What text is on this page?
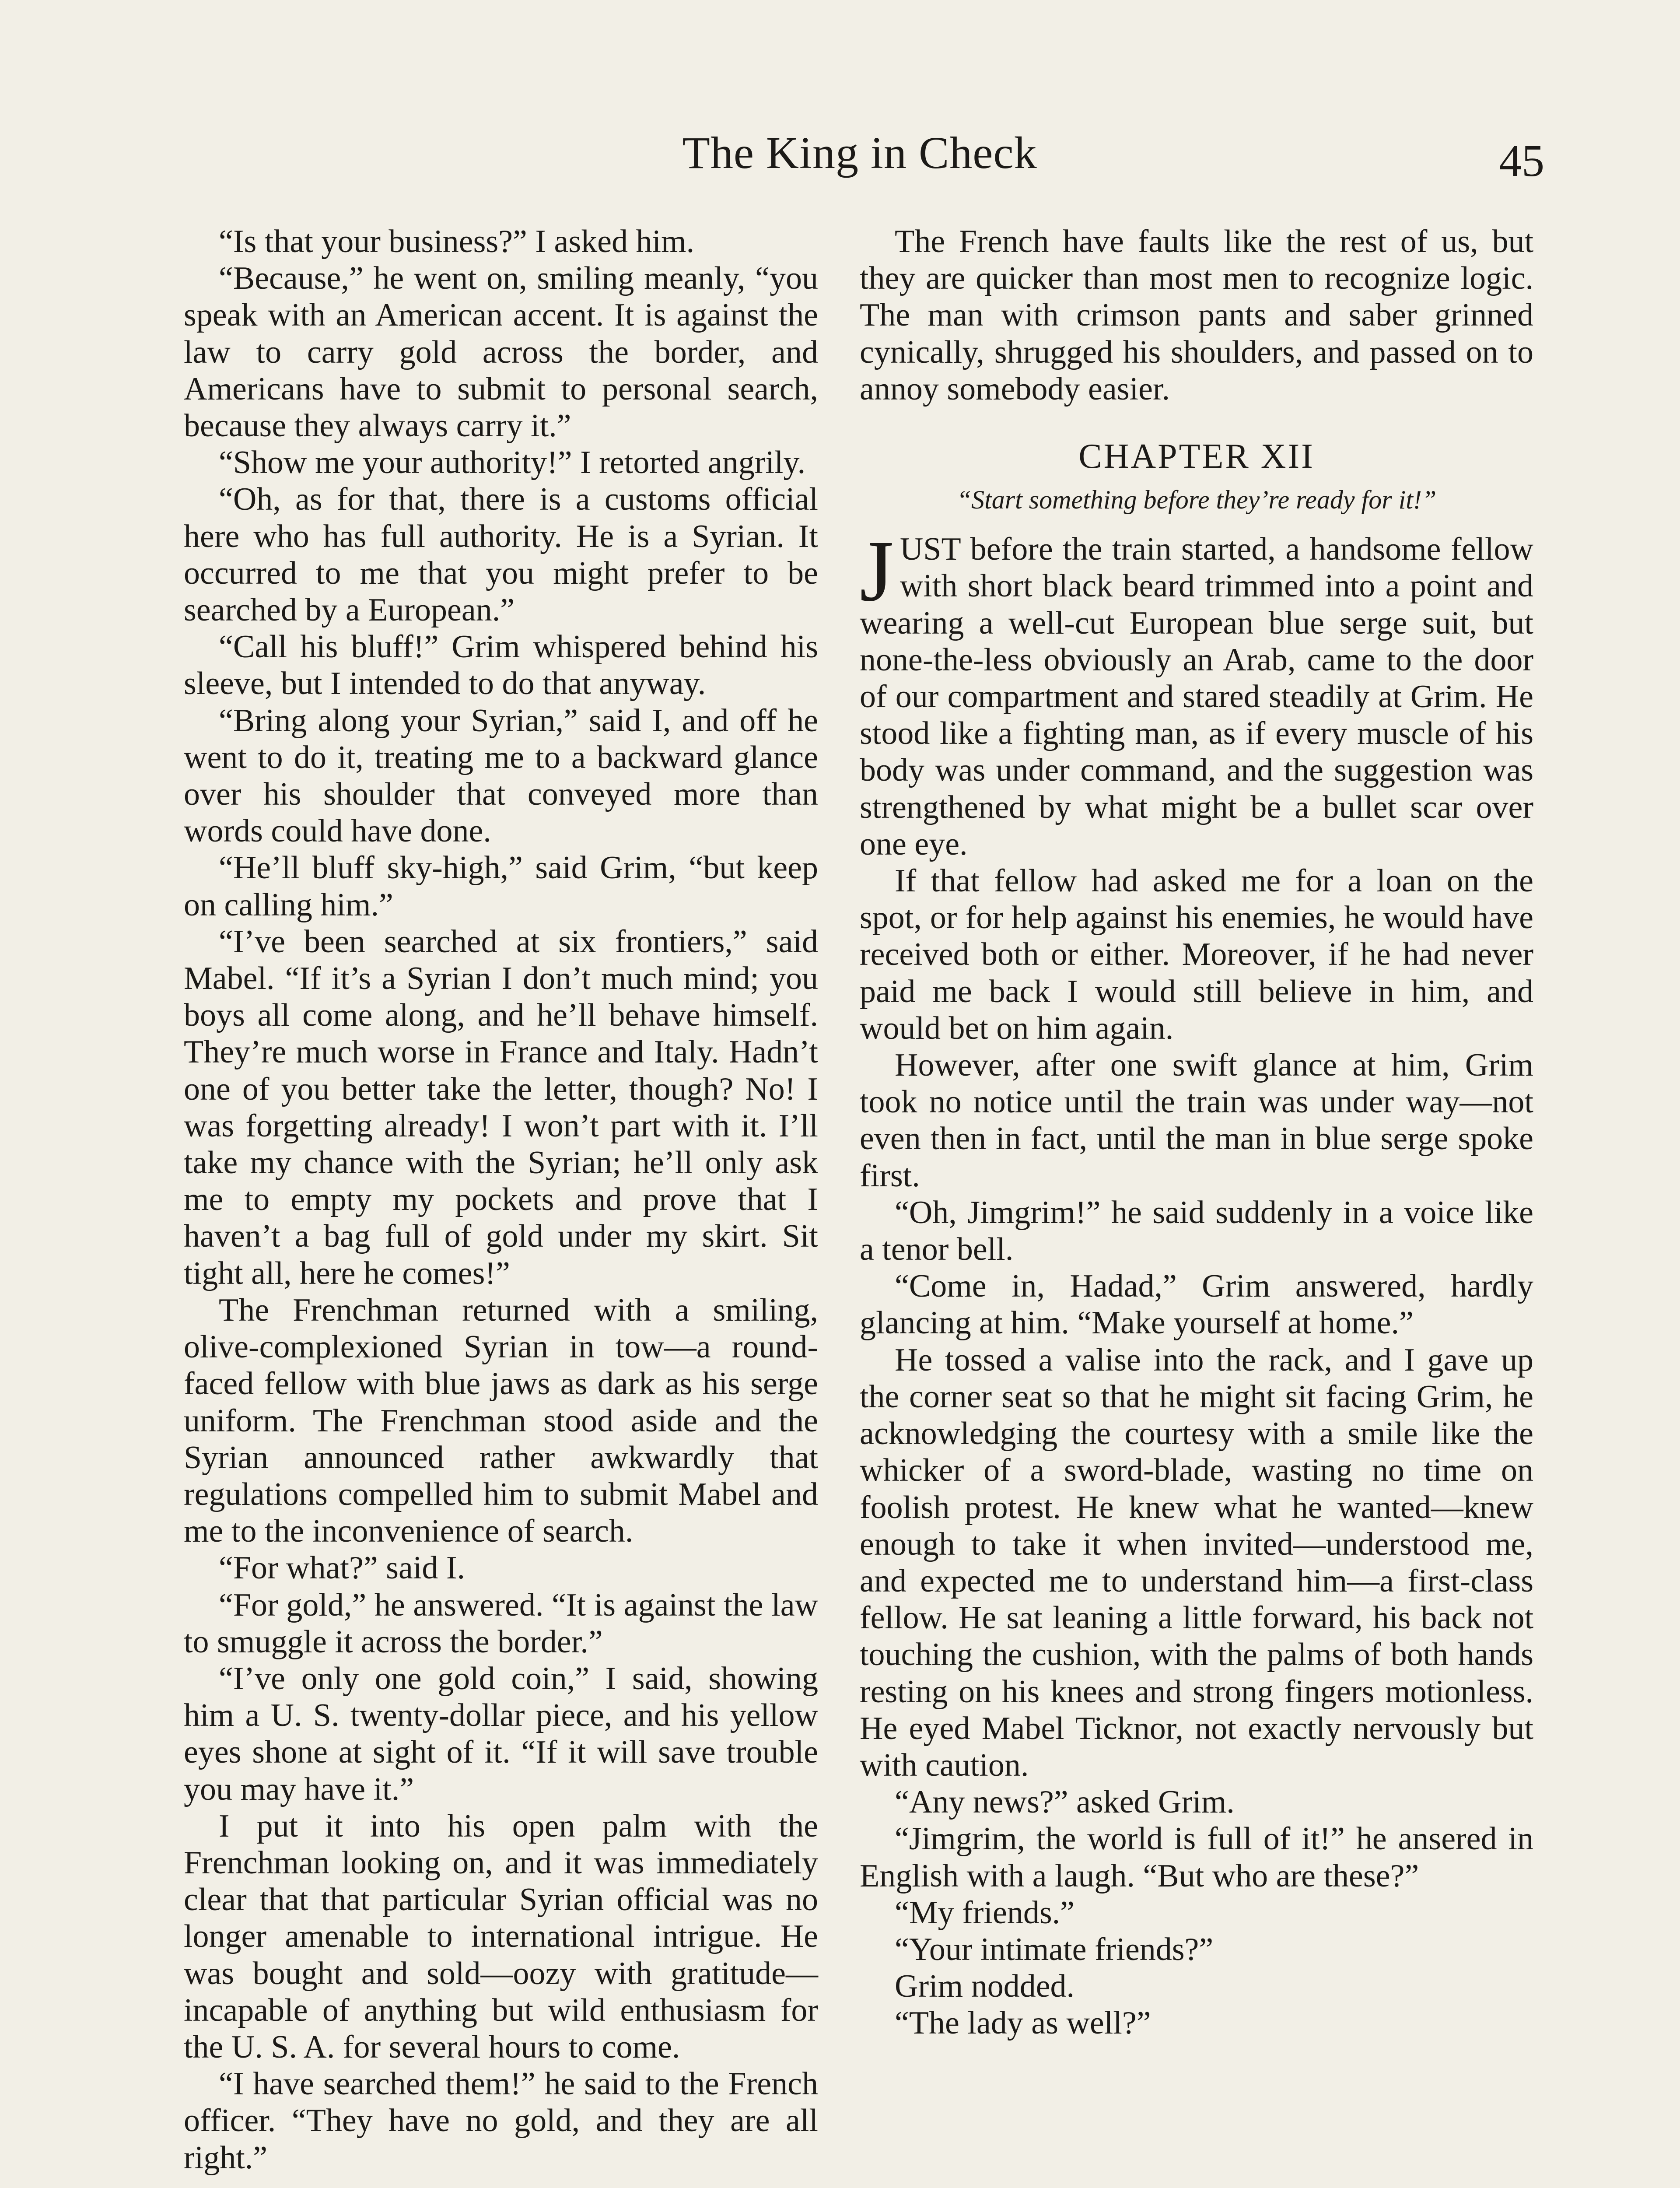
The King in Check	45

“Is that your business?” I asked him.

“Because,” he went on, smiling meanly, “you speak with an American accent. It is against the law to carry gold across the border, and Americans have to submit to personal search, because they always carry it.”

“Show me your authority!” I retorted angrily.

“Oh, as for that, there is a customs official here who has full authority. He is a Syrian. It occurred to me that you might prefer to be searched by a European.”

“Call his bluff!” Grim whispered behind his sleeve, but I intended to do that anyway.

“Bring along your Syrian,” said I, and off he went to do it, treating me to a backward glance over his shoulder that conveyed more than words could have done.

“He’ll bluff sky-high,” said Grim, “but keep on calling him.”

“I’ve been searched at six frontiers,” said Mabel. “If it’s a Syrian I don’t much mind; you boys all come along, and he’ll behave himself. They’re much worse in France and Italy. Hadn’t one of you better take the letter, though? No! I was forgetting already! I won’t part with it. I’ll take my chance with the Syrian; he’ll only ask me to empty my pockets and prove that I haven’t a bag full of gold under my skirt. Sit tight all, here he comes!”

The Frenchman returned with a smiling, olive-complexioned Syrian in tow—a round-faced fellow with blue jaws as dark as his serge uniform. The Frenchman stood aside and the Syrian announced rather awkwardly that regulations compelled him to submit Mabel and me to the inconvenience of search.

“For what?” said I.

“For gold,” he answered. “It is against the law to smuggle it across the border.”

“I’ve only one gold coin,” I said, showing him a U. S. twenty-dollar piece, and his yellow eyes shone at sight of it. “If it will save trouble you may have it.”

I put it into his open palm with the Frenchman looking on, and it was immediately clear that that particular Syrian official was no longer amenable to international intrigue. He was bought and sold—oozy with gratitude—incapable of anything but wild enthusiasm for the U. S. A. for several hours to come.

“I have searched them!” he said to the French officer. “They have no gold, and they are all right.”

The French have faults like the rest of us, but they are quicker than most men to recognize logic. The man with crimson pants and saber grinned cynically, shrugged his shoulders, and passed on to annoy somebody easier.

CHAPTER XII
“Start something before they’re ready for it!”

JUST before the train started, a handsome fellow with short black beard trimmed into a point and wearing a well-cut European blue serge suit, but none-the-less obviously an Arab, came to the door of our compartment and stared steadily at Grim. He stood like a fighting man, as if every muscle of his body was under command, and the suggestion was strengthened by what might be a bullet scar over one eye.

If that fellow had asked me for a loan on the spot, or for help against his enemies, he would have received both or either. Moreover, if he had never paid me back I would still believe in him, and would bet on him again.

However, after one swift glance at him, Grim took no notice until the train was under way—not even then in fact, until the man in blue serge spoke first.

“Oh, Jimgrim!” he said suddenly in a voice like a tenor bell.

“Come in, Hadad,” Grim answered, hardly glancing at him. “Make yourself at home.”

He tossed a valise into the rack, and I gave up the corner seat so that he might sit facing Grim, he acknowledging the courtesy with a smile like the whicker of a sword-blade, wasting no time on foolish protest. He knew what he wanted—knew enough to take it when invited—understood me, and expected me to understand him—a first-class fellow. He sat leaning a little forward, his back not touching the cushion, with the palms of both hands resting on his knees and strong fingers motionless. He eyed Mabel Ticknor, not exactly nervously but with caution.

“Any news?” asked Grim.

“Jimgrim, the world is full of it!” he ansered in English with a laugh. “But who are these?”

“My friends.”

“Your intimate friends?”

Grim nodded.

“The lady as well?”
